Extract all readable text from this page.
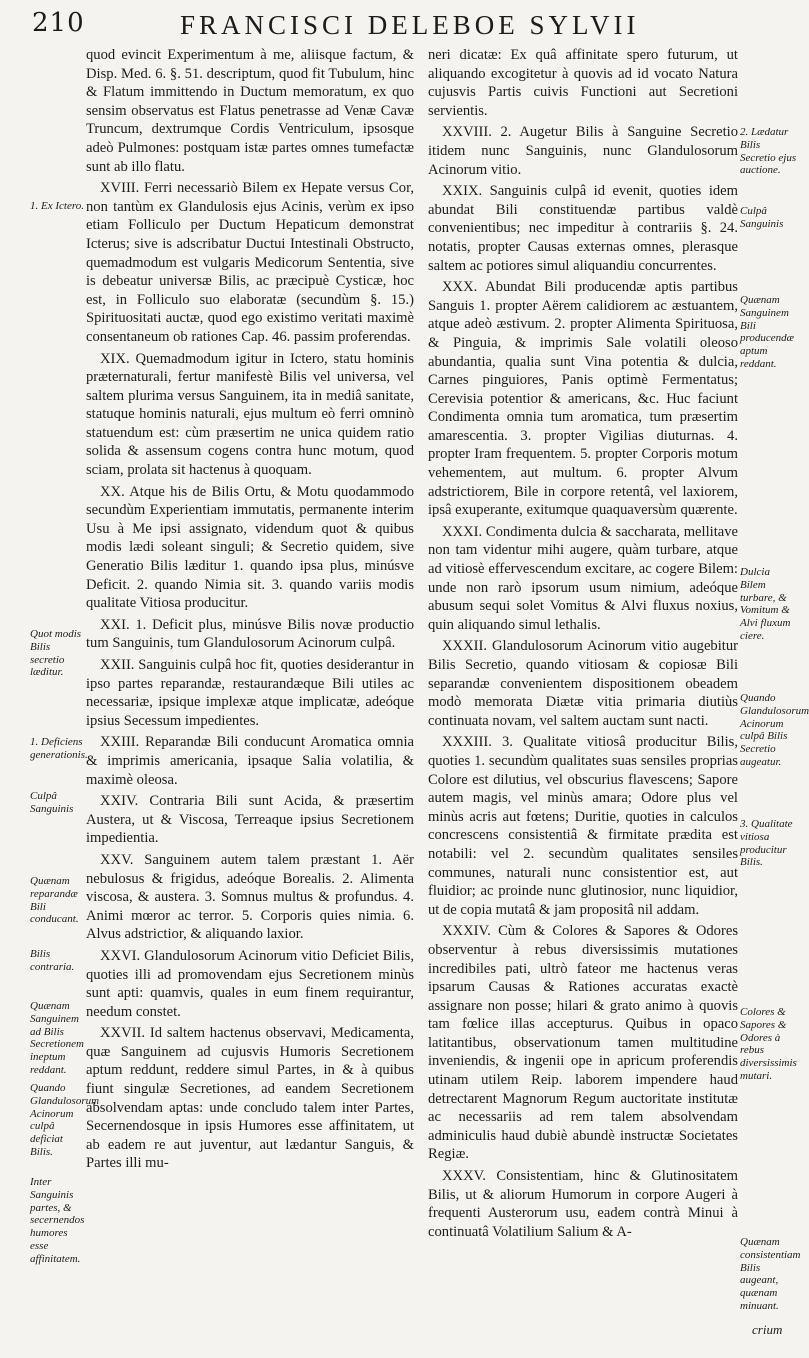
210	FRANCISCI DELEBOE SYLVII
1. Ex Ictero.
Quot modis Bilis secretio læditur.
1. Deficiens generationis.
Culpâ Sanguinis
Quænam reparandæ Bili conducant.
Bilis contraria.
Quænam Sanguinem ad Bilis Secretionem ineptum reddant.
Quando Glandulosorum Acinorum culpâ deficiat Bilis.
Inter Sanguinis partes, & secernendos humores esse affinitatem.

quod evincit Experimentum à me, aliisque factum, & Disp. Med. 6. §. 51. descriptum, quod fit Tubulum, hinc & Flatum immittendo in Ductum memoratum, ex quo sensim observatus est Flatus penetrasse ad Venæ Cavæ Truncum, dextrumque Cordis Ventriculum, ipsosque adeò Pulmones: postquam istæ partes omnes tumefactæ sunt ab illo flatu.

XVIII. Ferri necessariò Bilem ex Hepate versus Cor, non tantùm ex Glandulosis ejus Acinis, verùm ex ipso etiam Folliculo per Ductum Hepaticum demonstrat Icterus; sive is adscribatur Ductui Intestinali Obstructo, quemadmodum est vulgaris Medicorum Sententia, sive is debeatur universæ Bilis, ac præcipuè Cysticæ, hoc est, in Folliculo suo elaboratæ (secundùm §. 15.) Spirituositati auctæ, quod ego existimo veritati maximè consentaneum ob rationes Cap. 46. passim proferendas.

XIX. Quemadmodum igitur in Ictero, statu hominis præternaturali, fertur manifestè Bilis vel universa, vel saltem plurima versus Sanguinem, ita in mediâ sanitate, statuque hominis naturali, ejus multum eò ferri omninò statuendum est: cùm præsertim ne unica quidem ratio solida & assensum cogens contra hunc motum, quod sciam, prolata sit hactenus à quoquam.

XX. Atque his de Bilis Ortu, & Motu quodammodo secundùm Experientiam immutatis, permanente interim Usu à Me ipsi assignato, videndum quot & quibus modis lædi soleant singuli; & Secretio quidem, sive Generatio Bilis læditur 1. quando ipsa plus, minúsve Deficit. 2. quando Nimia sit. 3. quando variis modis qualitate Vitiosa producitur.

XXI. 1. Deficit plus, minúsve Bilis novæ productio tum Sanguinis, tum Glandulosorum Acinorum culpâ.

XXII. Sanguinis culpâ hoc fit, quoties desiderantur in ipso partes reparandæ, restaurandæque Bili utiles ac necessariæ, ipsique implexæ atque implicatæ, adeóque ipsius Secessum impedientes.

XXIII. Reparandæ Bili conducunt Aromatica omnia & imprimis americania, ipsaque Salia volatilia, & maximè oleosa.

XXIV. Contraria Bili sunt Acida, & præsertim Austera, ut & Viscosa, Terreaque ipsius Secretionem impedientia.

XXV. Sanguinem autem talem præstant 1. Aër nebulosus & frigidus, adeóque Borealis. 2. Alimenta viscosa, & austera. 3. Somnus multus & profundus. 4. Animi mœror ac terror. 5. Corporis quies nimia. 6. Alvus adstrictior, & aliquando laxior.

XXVI. Glandulosorum Acinorum vitio Deficiet Bilis, quoties illi ad promovendam ejus Secretionem minùs sunt apti: quamvis, quales in eum finem requirantur, needum constet.

XXVII. Id saltem hactenus observavi, Medicamenta, quæ Sanguinem ad cujusvis Humoris Secretionem aptum reddunt, reddere simul Partes, in & à quibus fiunt singulæ Secretiones, ad eandem Secretionem absolvendam aptas: unde concludo talem inter Partes, Secernendosque in ipsis Humores esse affinitatem, ut ab eadem re aut juventur, aut lædantur Sanguis, & Partes illi mu-

neri dicatæ: Ex quâ affinitate spero futurum, ut aliquando excogitetur à quovis ad id vocato Natura cujusvis Partis cuivis Functioni aut Secretioni servientis.

XXVIII. 2. Augetur Bilis à Sanguine Secretio itidem nunc Sanguinis, nunc Glandulosorum Acinorum vitio.

XXIX. Sanguinis culpâ id evenit, quoties idem abundat Bili constituendæ partibus valdè convenientibus; nec impeditur à contrariis §. 24. notatis, propter Causas externas omnes, plerasque saltem ac potiores simul aliquandiu concurrentes.

XXX. Abundat Bili producendæ aptis partibus Sanguis 1. propter Aërem calidiorem ac æstuantem, atque adeò æstivum. 2. propter Alimenta Spirituosa, & Pinguia, & imprimis Sale volatili oleoso abundantia, qualia sunt Vina potentia & dulcia, Carnes pinguiores, Panis optimè Fermentatus; Cerevisia potentior & americans, &c. Huc faciunt Condimenta omnia tum aromatica, tum præsertim amarescentia. 3. propter Vigilias diuturnas. 4. propter Iram frequentem. 5. propter Corporis motum vehementem, aut multum. 6. propter Alvum adstrictiorem, Bile in corpore retentâ, vel laxiorem, ipsâ exuperante, exitumque quaquaversùm quærente.

XXXI. Condimenta dulcia & saccharata, mellitave non tam videntur mihi augere, quàm turbare, atque ad vitiosè effervescendum excitare, ac cogere Bilem: unde non rarò ipsorum usum nimium, adeóque abusum sequi solet Vomitus & Alvi fluxus noxius, quin aliquando simul lethalis.

XXXII. Glandulosorum Acinorum vitio augebitur Bilis Secretio, quando vitiosam & copiosæ Bili separandæ convenientem dispositionem obeadem modò memorata Diætæ vitia primaria diutiùs continuata novam, vel saltem auctam sunt nacti.

XXXIII. 3. Qualitate vitiosâ producitur Bilis, quoties 1. secundùm qualitates suas sensiles proprias Colore est dilutius, vel obscurius flavescens; Sapore autem magis, vel minùs amara; Odore plus vel minùs acris aut fœtens; Duritie, quoties in calculos concrescens consistentiâ & firmitate prædita est notabili: vel 2. secundùm qualitates sensiles communes, naturali nunc consistentior est, aut fluidior; ac proinde nunc glutinosior, nunc liquidior, ut de copia mutatâ & jam propositâ nil addam.

XXXIV. Cùm & Colores & Sapores & Odores observentur à rebus diversissimis mutationes incredibiles pati, ultrò fateor me hactenus veras ipsarum Causas & Rationes accuratas exactè assignare non posse; hilari & grato animo à quovis tam fœlice illas accepturus. Quibus in opaco latitantibus, observationum tamen multitudine inveniendis, & ingenii ope in apricum proferendis utinam utilem Reip. laborem impendere haud detrectarent Magnorum Regum auctoritate institutæ ac necessariis ad rem talem absolvendam adminiculis haud dubiè abundè instructæ Societates Regiæ.

XXXV. Consistentiam, hinc & Glutinositatem Bilis, ut & aliorum Humorum in corpore Augeri à frequenti Austerorum usu, eadem contrà Minui à continuatâ Volatilium Salium & A-

2. Lædatur Bilis Secretio ejus auctione.
Culpâ Sanguinis
Quænam Sanguinem Bili producendæ aptum reddant.
Dulcia Bilem turbare, & Vomitum & Alvi fluxum ciere.
Quando Glandulosorum Acinorum culpâ Bilis Secretio augeatur.
3. Qualitate vitiosa producitur Bilis.
Colores & Sapores & Odores à rebus diversissimis mutari.
Quænam consistentiam Bilis augeant, quænam minuant.
crium
